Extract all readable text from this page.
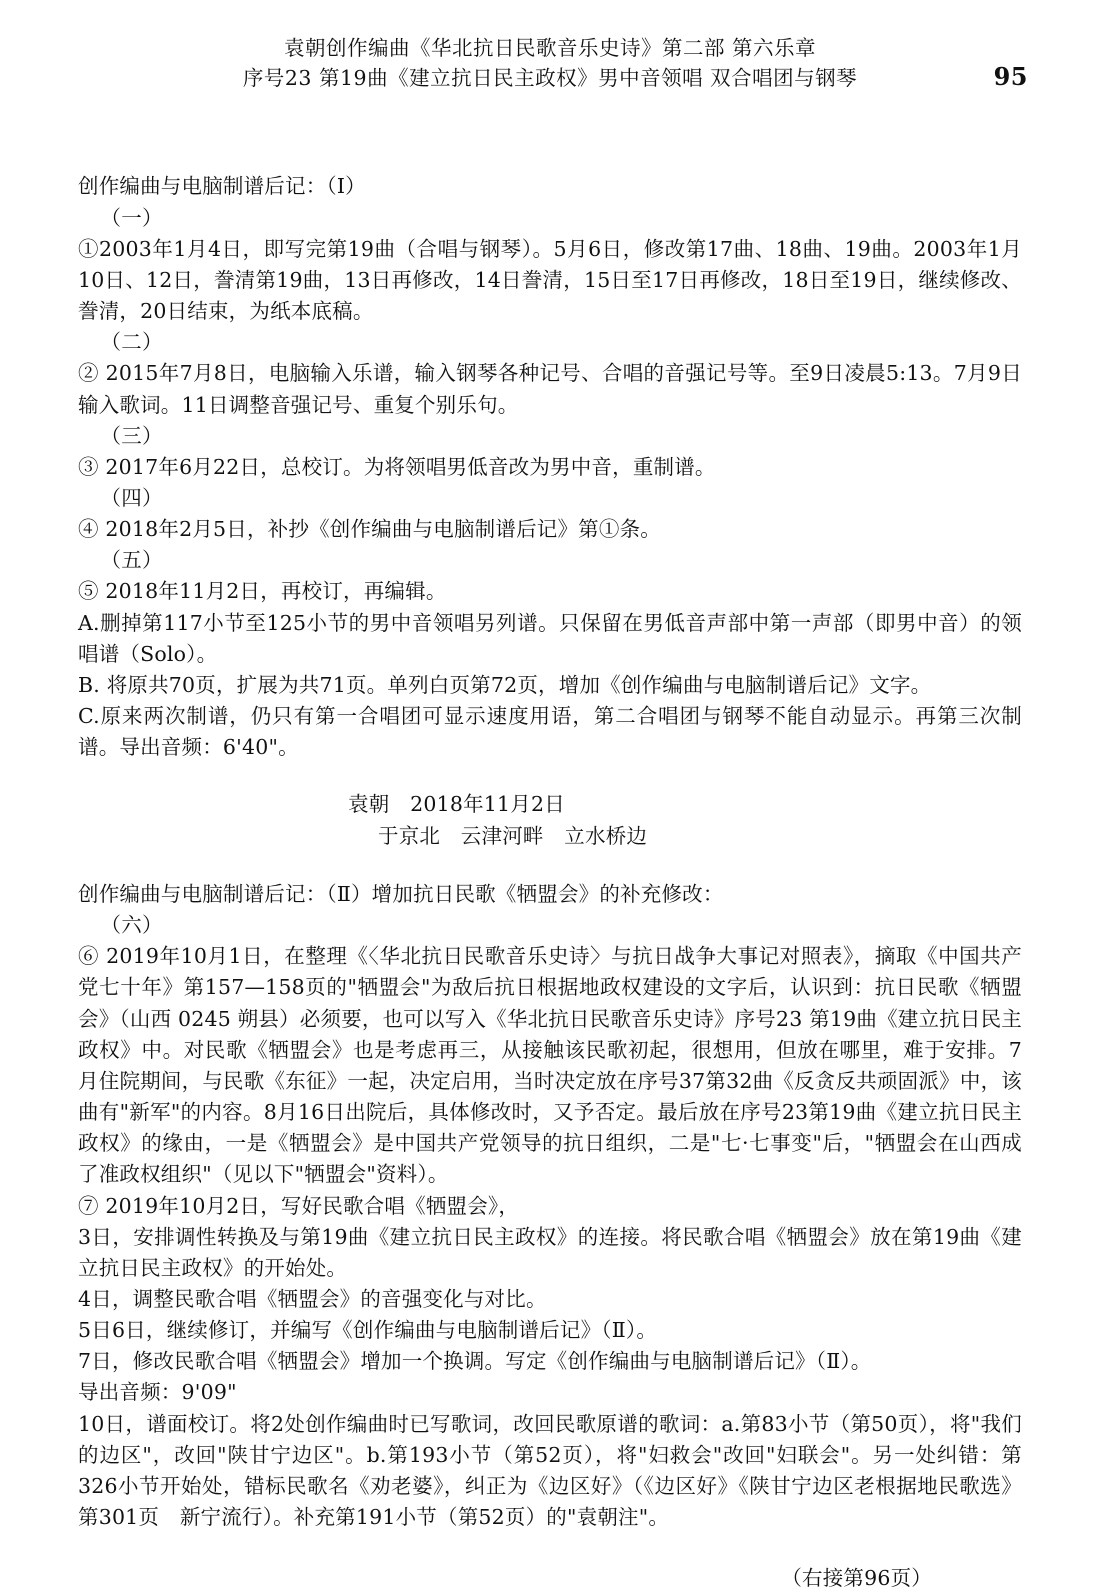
袁朝创作编曲《华北抗日民歌音乐史诗》第二部 第六乐章
序号23 第19曲《建立抗日民主政权》男中音领唱 双合唱团与钢琴	95

创作编曲与电脑制谱后记：（Ⅰ）

（一）

①2003年1月4日，即写完第19曲（合唱与钢琴）。5月6日，修改第17曲、18曲、19曲。2003年1月10日、12日，誊清第19曲，13日再修改，14日誊清，15日至17日再修改，18日至19日，继续修改、誊清，20日结束，为纸本底稿。

（二）

② 2015年7月8日，电脑输入乐谱，输入钢琴各种记号、合唱的音强记号等。至9日凌晨5:13。7月9日输入歌词。11日调整音强记号、重复个别乐句。

（三）

③ 2017年6月22日，总校订。为将领唱男低音改为男中音，重制谱。

（四）

④ 2018年2月5日，补抄《创作编曲与电脑制谱后记》第①条。

（五）

⑤ 2018年11月2日，再校订，再编辑。

A.删掉第117小节至125小节的男中音领唱另列谱。只保留在男低音声部中第一声部（即男中音）的领唱谱（Solo）。

B. 将原共70页，扩展为共71页。单列白页第72页，增加《创作编曲与电脑制谱后记》文字。

C.原来两次制谱，仍只有第一合唱团可显示速度用语，第二合唱团与钢琴不能自动显示。再第三次制谱。导出音频：6'40"。

袁朝　2018年11月2日
于京北　云津河畔　立水桥边

创作编曲与电脑制谱后记：（Ⅱ）增加抗日民歌《牺盟会》的补充修改：

（六）

⑥ 2019年10月1日，在整理《〈华北抗日民歌音乐史诗〉与抗日战争大事记对照表》，摘取《中国共产党七十年》第157—158页的"牺盟会"为敌后抗日根据地政权建设的文字后，认识到：抗日民歌《牺盟会》（山西 0245 朔县）必须要，也可以写入《华北抗日民歌音乐史诗》序号23 第19曲《建立抗日民主政权》中。对民歌《牺盟会》也是考虑再三，从接触该民歌初起，很想用，但放在哪里，难于安排。7月住院期间，与民歌《东征》一起，决定启用，当时决定放在序号37第32曲《反贪反共顽固派》中，该曲有"新军"的内容。8月16日出院后，具体修改时，又予否定。最后放在序号23第19曲《建立抗日民主政权》的缘由，一是《牺盟会》是中国共产党领导的抗日组织，二是"七·七事变"后，"牺盟会在山西成了准政权组织"（见以下"牺盟会"资料）。

⑦ 2019年10月2日，写好民歌合唱《牺盟会》，

3日，安排调性转换及与第19曲《建立抗日民主政权》的连接。将民歌合唱《牺盟会》放在第19曲《建立抗日民主政权》的开始处。

4日，调整民歌合唱《牺盟会》的音强变化与对比。

5日6日，继续修订，并编写《创作编曲与电脑制谱后记》（Ⅱ）。

7日，修改民歌合唱《牺盟会》增加一个换调。写定《创作编曲与电脑制谱后记》（Ⅱ）。

导出音频：9'09"

10日，谱面校订。将2处创作编曲时已写歌词，改回民歌原谱的歌词：a.第83小节（第50页），将"我们的边区"，改回"陕甘宁边区"。b.第193小节（第52页），将"妇救会"改回"妇联会"。另一处纠错：第326小节开始处，错标民歌名《劝老婆》，纠正为《边区好》（《边区好》《陕甘宁边区老根据地民歌选》第301页　新宁流行）。补充第191小节（第52页）的"袁朝注"。

（右接第96页）
